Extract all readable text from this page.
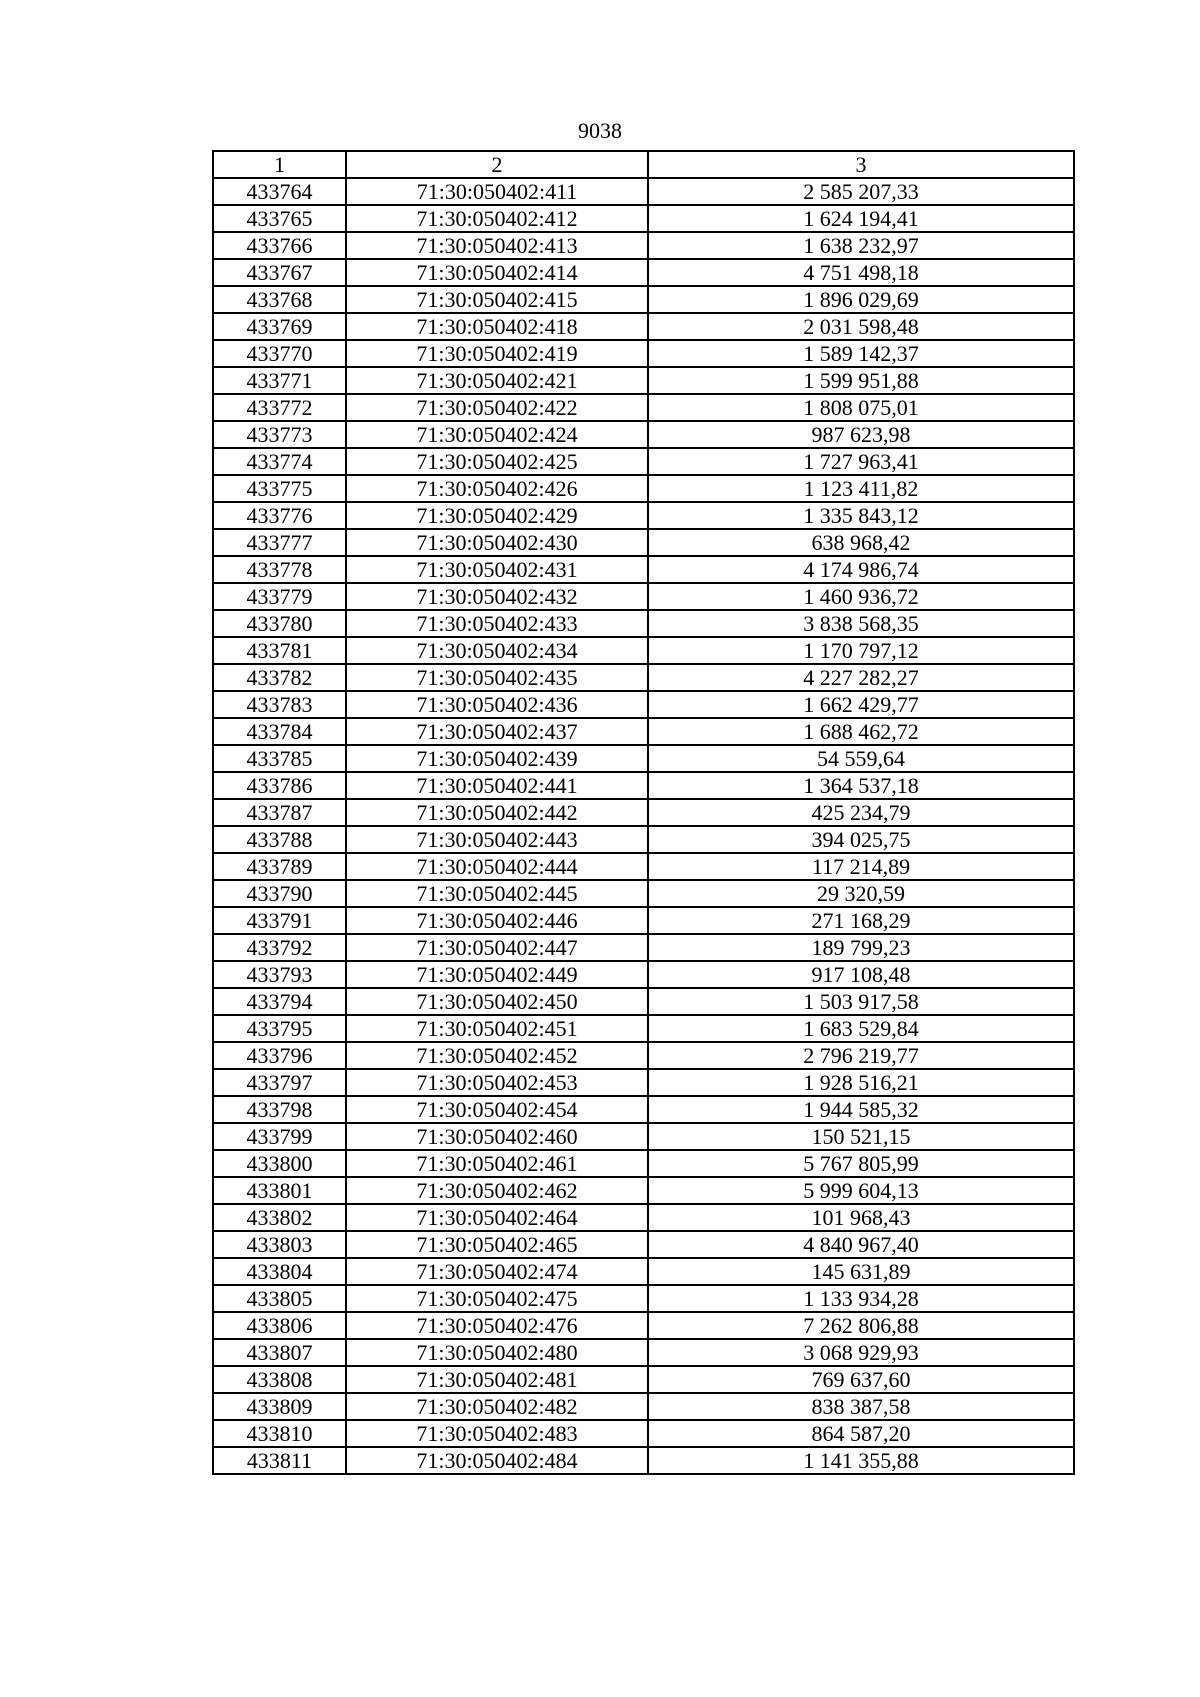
9038
1	2	3
433764	71:30:050402:411	2 585 207,33
433765	71:30:050402:412	1 624 194,41
433766	71:30:050402:413	1 638 232,97
433767	71:30:050402:414	4 751 498,18
433768	71:30:050402:415	1 896 029,69
433769	71:30:050402:418	2 031 598,48
433770	71:30:050402:419	1 589 142,37
433771	71:30:050402:421	1 599 951,88
433772	71:30:050402:422	1 808 075,01
433773	71:30:050402:424	987 623,98
433774	71:30:050402:425	1 727 963,41
433775	71:30:050402:426	1 123 411,82
433776	71:30:050402:429	1 335 843,12
433777	71:30:050402:430	638 968,42
433778	71:30:050402:431	4 174 986,74
433779	71:30:050402:432	1 460 936,72
433780	71:30:050402:433	3 838 568,35
433781	71:30:050402:434	1 170 797,12
433782	71:30:050402:435	4 227 282,27
433783	71:30:050402:436	1 662 429,77
433784	71:30:050402:437	1 688 462,72
433785	71:30:050402:439	54 559,64
433786	71:30:050402:441	1 364 537,18
433787	71:30:050402:442	425 234,79
433788	71:30:050402:443	394 025,75
433789	71:30:050402:444	117 214,89
433790	71:30:050402:445	29 320,59
433791	71:30:050402:446	271 168,29
433792	71:30:050402:447	189 799,23
433793	71:30:050402:449	917 108,48
433794	71:30:050402:450	1 503 917,58
433795	71:30:050402:451	1 683 529,84
433796	71:30:050402:452	2 796 219,77
433797	71:30:050402:453	1 928 516,21
433798	71:30:050402:454	1 944 585,32
433799	71:30:050402:460	150 521,15
433800	71:30:050402:461	5 767 805,99
433801	71:30:050402:462	5 999 604,13
433802	71:30:050402:464	101 968,43
433803	71:30:050402:465	4 840 967,40
433804	71:30:050402:474	145 631,89
433805	71:30:050402:475	1 133 934,28
433806	71:30:050402:476	7 262 806,88
433807	71:30:050402:480	3 068 929,93
433808	71:30:050402:481	769 637,60
433809	71:30:050402:482	838 387,58
433810	71:30:050402:483	864 587,20
433811	71:30:050402:484	1 141 355,88
